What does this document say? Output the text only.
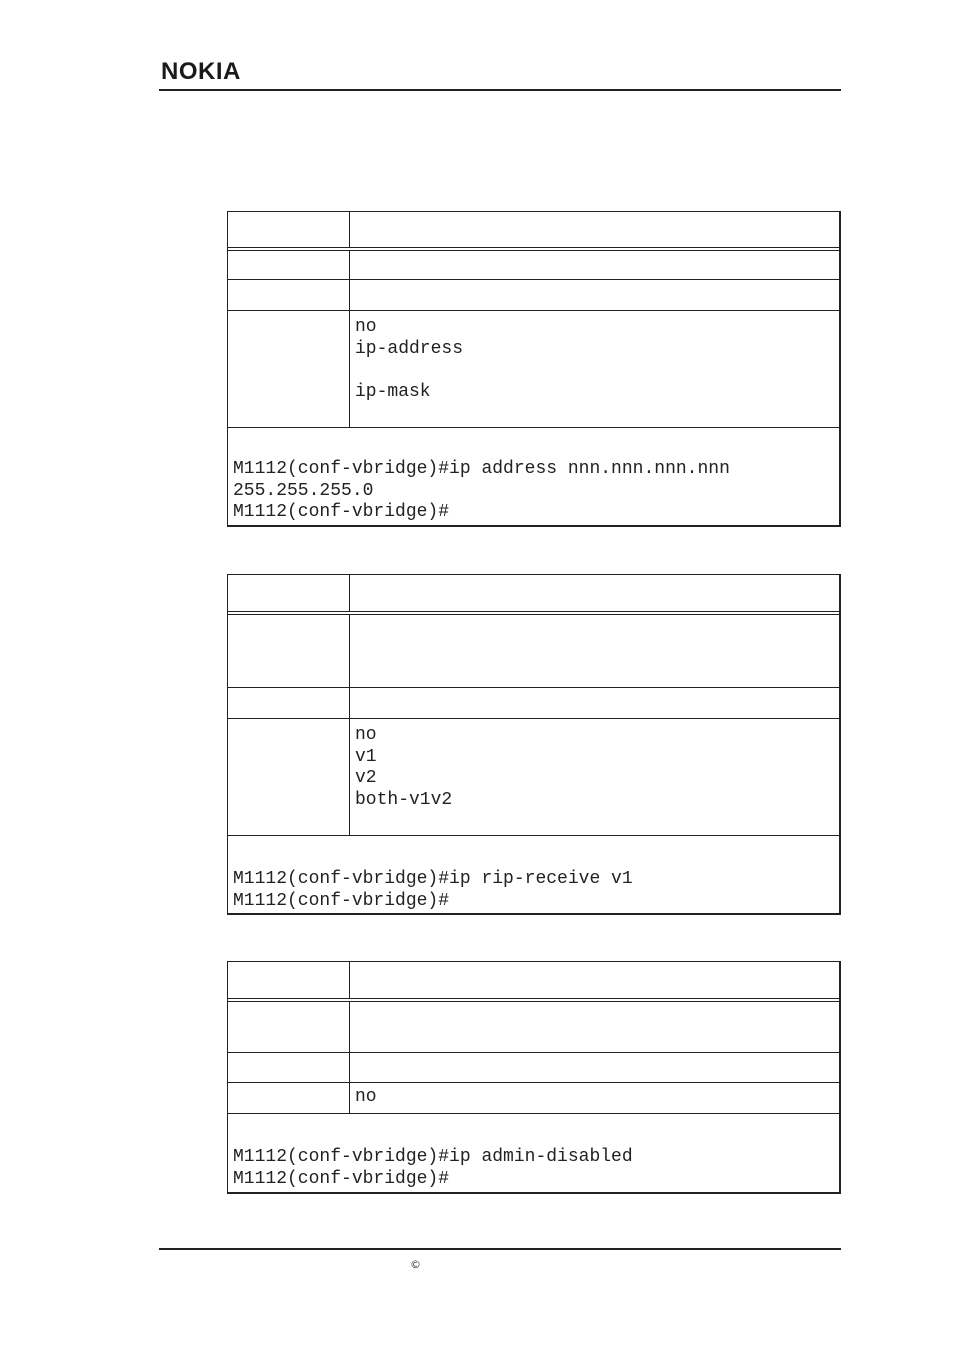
NOKIA
no
ip-address

ip-mask
M1112(conf-vbridge)#ip address nnn.nnn.nnn.nnn
255.255.255.0
M1112(conf-vbridge)#
no
v1
v2
both-v1v2
M1112(conf-vbridge)#ip rip-receive v1
M1112(conf-vbridge)#
no
M1112(conf-vbridge)#ip admin-disabled
M1112(conf-vbridge)#
©
